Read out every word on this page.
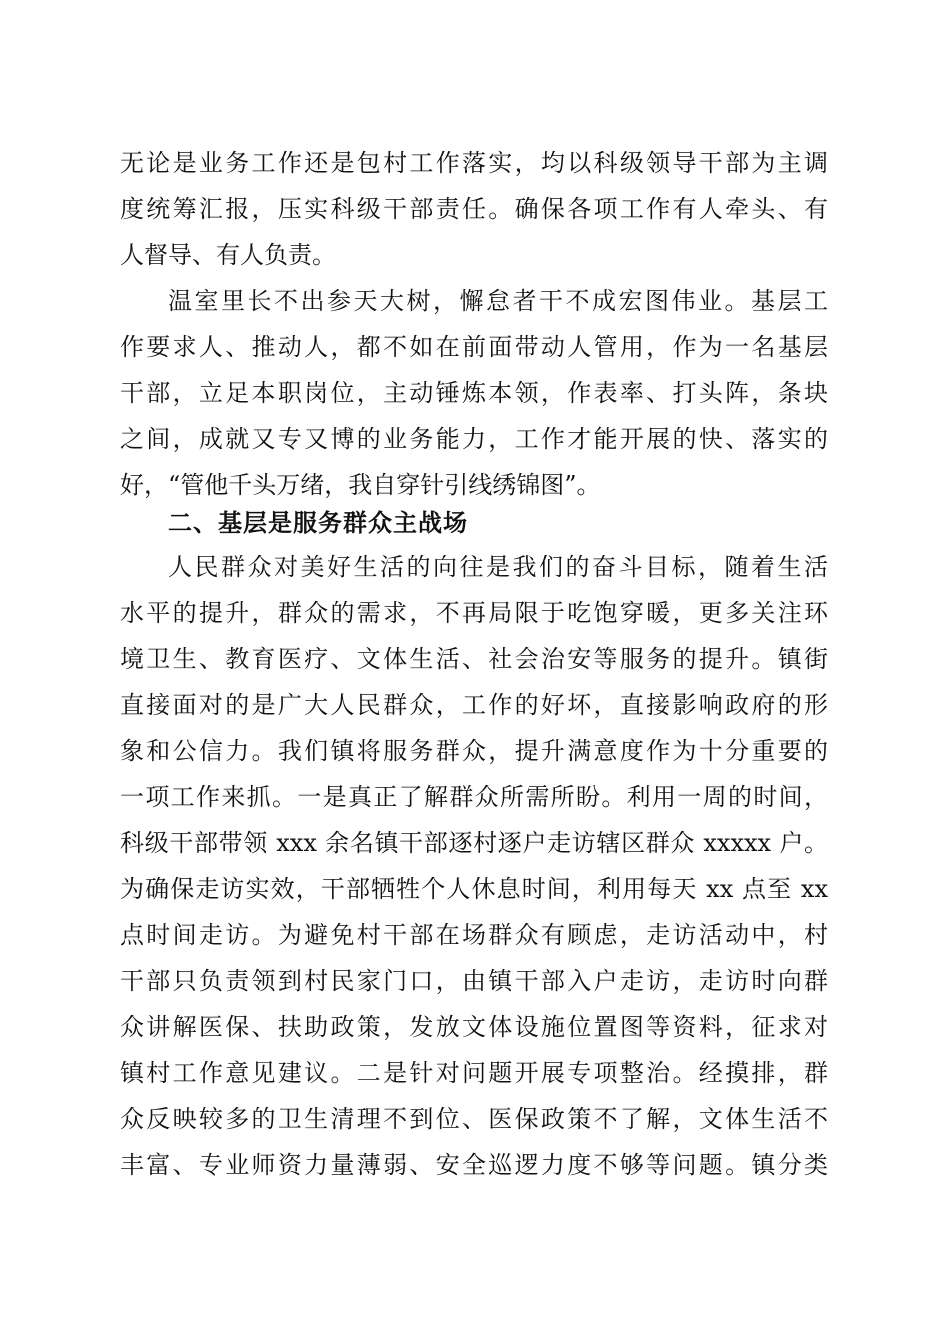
无论是业务工作还是包村工作落实，均以科级领导干部为主调
度统筹汇报，压实科级干部责任。确保各项工作有人牵头、有
人督导、有人负责。
温室里长不出参天大树，懈怠者干不成宏图伟业。基层工
作要求人、推动人，都不如在前面带动人管用，作为一名基层
干部，立足本职岗位，主动锤炼本领，作表率、打头阵，条块
之间，成就又专又博的业务能力，工作才能开展的快、落实的
好，“管他千头万绪，我自穿针引线绣锦图”。
二、基层是服务群众主战场
人民群众对美好生活的向往是我们的奋斗目标，随着生活
水平的提升，群众的需求，不再局限于吃饱穿暖，更多关注环
境卫生、教育医疗、文体生活、社会治安等服务的提升。镇街
直接面对的是广大人民群众，工作的好坏，直接影响政府的形
象和公信力。我们镇将服务群众，提升满意度作为十分重要的
一项工作来抓。一是真正了解群众所需所盼。利用一周的时间，
科级干部带领 xxx 余名镇干部逐村逐户走访辖区群众 xxxxx 户。
为确保走访实效，干部牺牲个人休息时间，利用每天 xx 点至 xx
点时间走访。为避免村干部在场群众有顾虑，走访活动中，村
干部只负责领到村民家门口，由镇干部入户走访，走访时向群
众讲解医保、扶助政策，发放文体设施位置图等资料，征求对
镇村工作意见建议。二是针对问题开展专项整治。经摸排，群
众反映较多的卫生清理不到位、医保政策不了解，文体生活不
丰富、专业师资力量薄弱、安全巡逻力度不够等问题。镇分类
